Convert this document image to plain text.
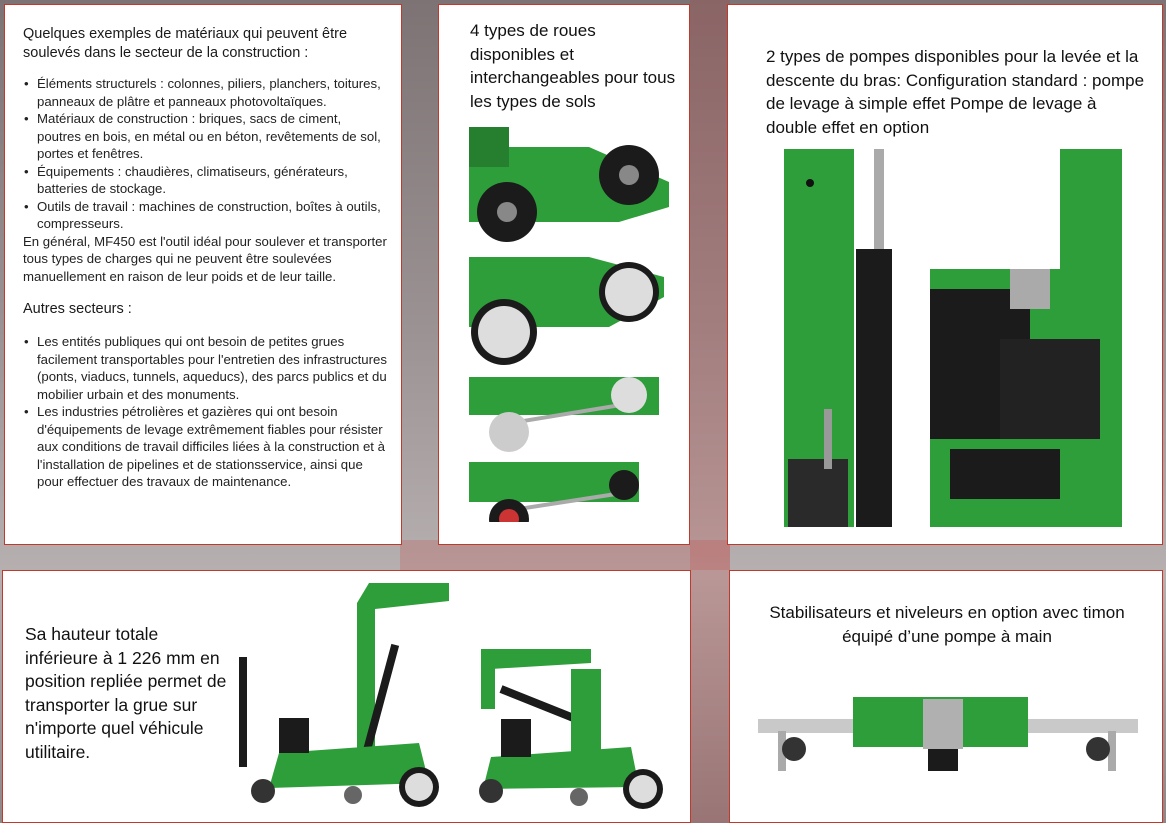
Quelques exemples de matériaux qui peuvent être soulevés dans le secteur de la construction :

• Éléments structurels : colonnes, piliers, planchers, toitures, panneaux de plâtre et panneaux photovoltaïques.
• Matériaux de construction : briques, sacs de ciment, poutres en bois, en métal ou en béton, revêtements de sol, portes et fenêtres.
• Équipements : chaudières, climatiseurs, générateurs, batteries de stockage.
• Outils de travail : machines de construction, boîtes à outils, compresseurs.

En général, MF450 est l'outil idéal pour soulever et transporter tous types de charges qui ne peuvent être soulevées manuellement en raison de leur poids et de leur taille.

Autres secteurs :

• Les entités publiques qui ont besoin de petites grues facilement transportables pour l'entretien des infrastructures (ponts, viaducs, tunnels, aqueducs), des parcs publics et du mobilier urbain et des monuments.
• Les industries pétrolières et gazières qui ont besoin d'équipements de levage extrêmement fiables pour résister aux conditions de travail difficiles liées à la construction et à l'installation de pipelines et de stationsservice, ainsi que pour effectuer des travaux de maintenance.
4 types de roues disponibles et interchangeables pour tous les types de sols
2 types de pompes disponibles pour la levée et la descente du bras: Configuration standard : pompe de levage à simple effet Pompe de levage à double effet en option
Sa hauteur totale inférieure à 1 226 mm en position repliée permet de transporter la grue sur n'importe quel véhicule utilitaire.
Stabilisateurs et niveleurs en option avec timon équipé d’une pompe à main
